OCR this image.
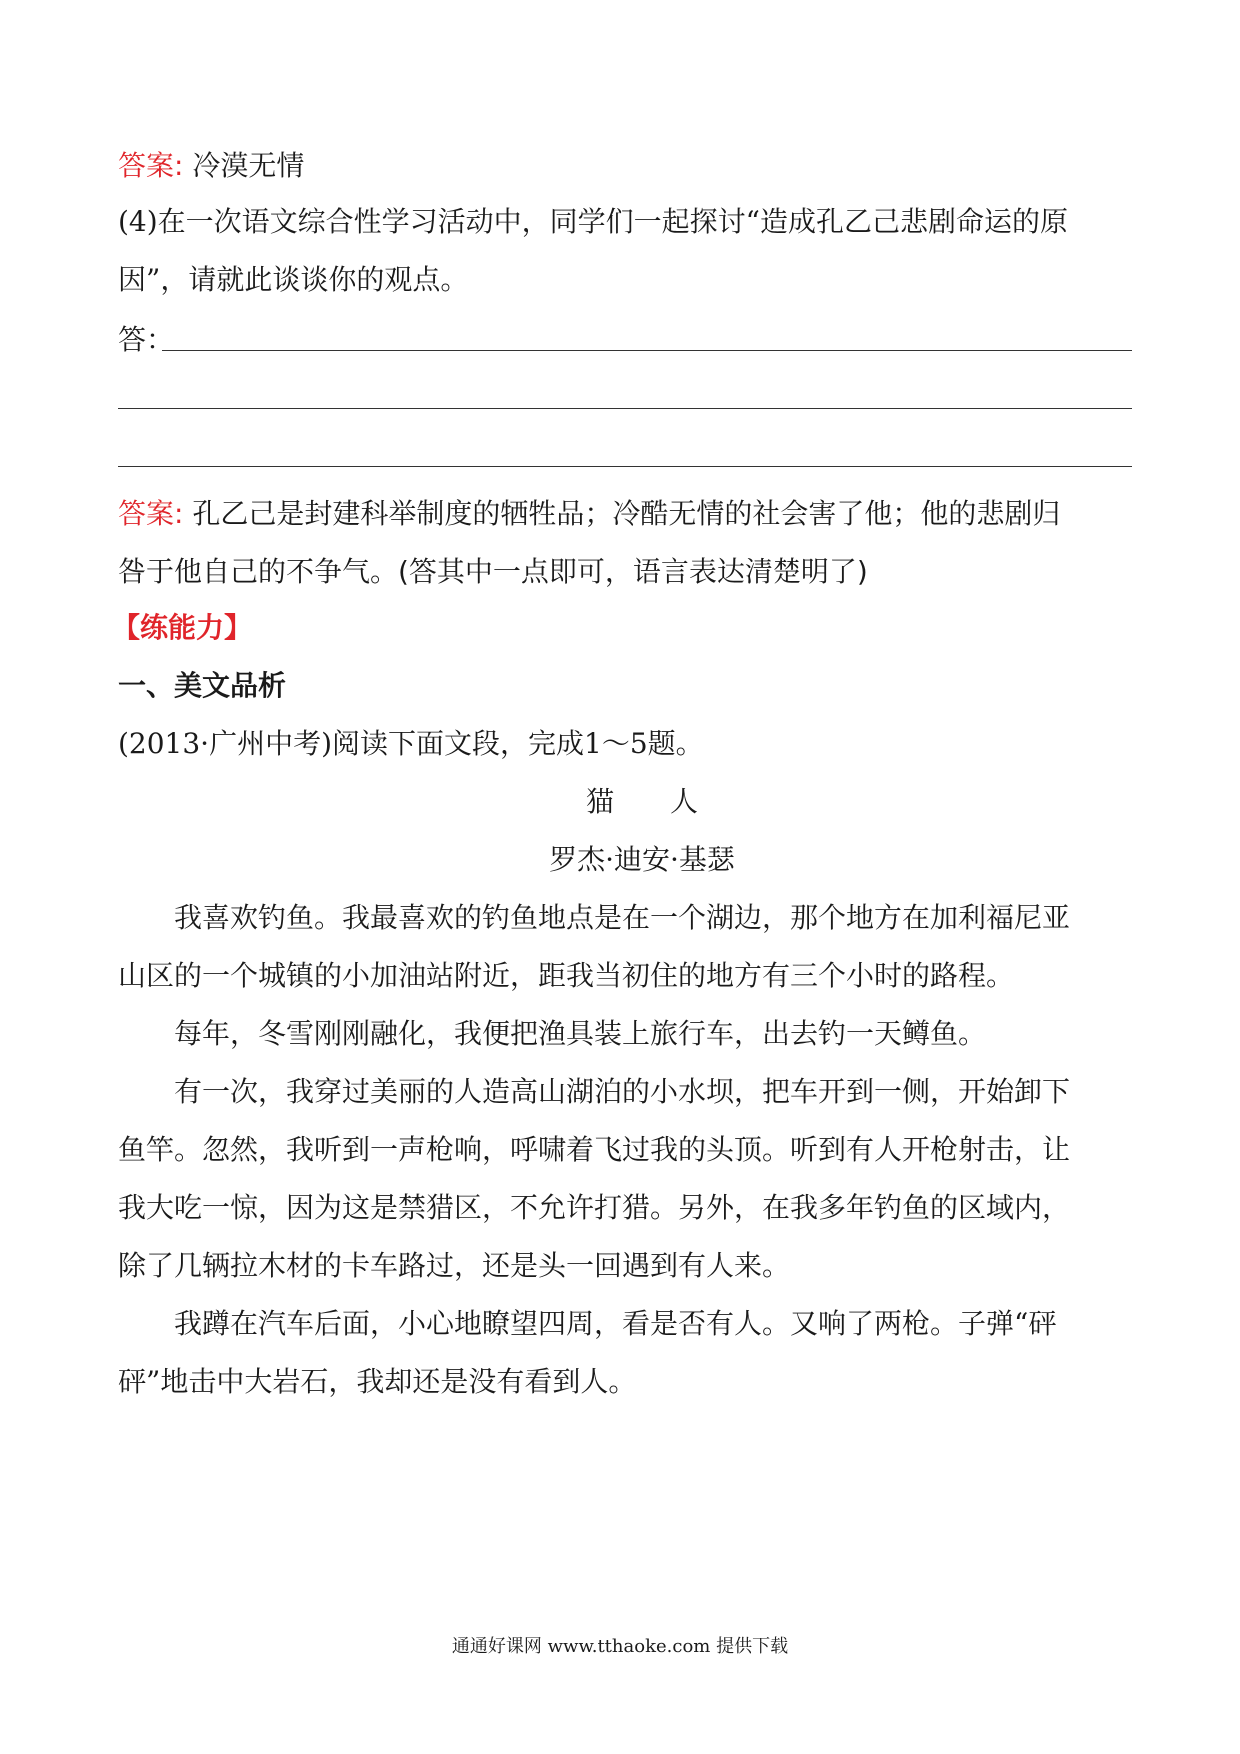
答案: 冷漠无情
(4)在一次语文综合性学习活动中，同学们一起探讨“造成孔乙己悲剧命运的原
因”，请就此谈谈你的观点。
答：
答案: 孔乙己是封建科举制度的牺牲品；冷酷无情的社会害了他；他的悲剧归
咎于他自己的不争气。(答其中一点即可，语言表达清楚明了)
【练能力】
一、美文品析
(2013·广州中考)阅读下面文段，完成1～5题。
猫　　人
罗杰·迪安·基瑟
我喜欢钓鱼。我最喜欢的钓鱼地点是在一个湖边，那个地方在加利福尼亚
山区的一个城镇的小加油站附近，距我当初住的地方有三个小时的路程。
每年，冬雪刚刚融化，我便把渔具装上旅行车，出去钓一天鳟鱼。
有一次，我穿过美丽的人造高山湖泊的小水坝，把车开到一侧，开始卸下
鱼竿。忽然，我听到一声枪响，呼啸着飞过我的头顶。听到有人开枪射击，让
我大吃一惊，因为这是禁猎区，不允许打猎。另外，在我多年钓鱼的区域内，
除了几辆拉木材的卡车路过，还是头一回遇到有人来。
我蹲在汽车后面，小心地瞭望四周，看是否有人。又响了两枪。子弹“砰
砰”地击中大岩石，我却还是没有看到人。
通通好课网 www.tthaoke.com 提供下载
